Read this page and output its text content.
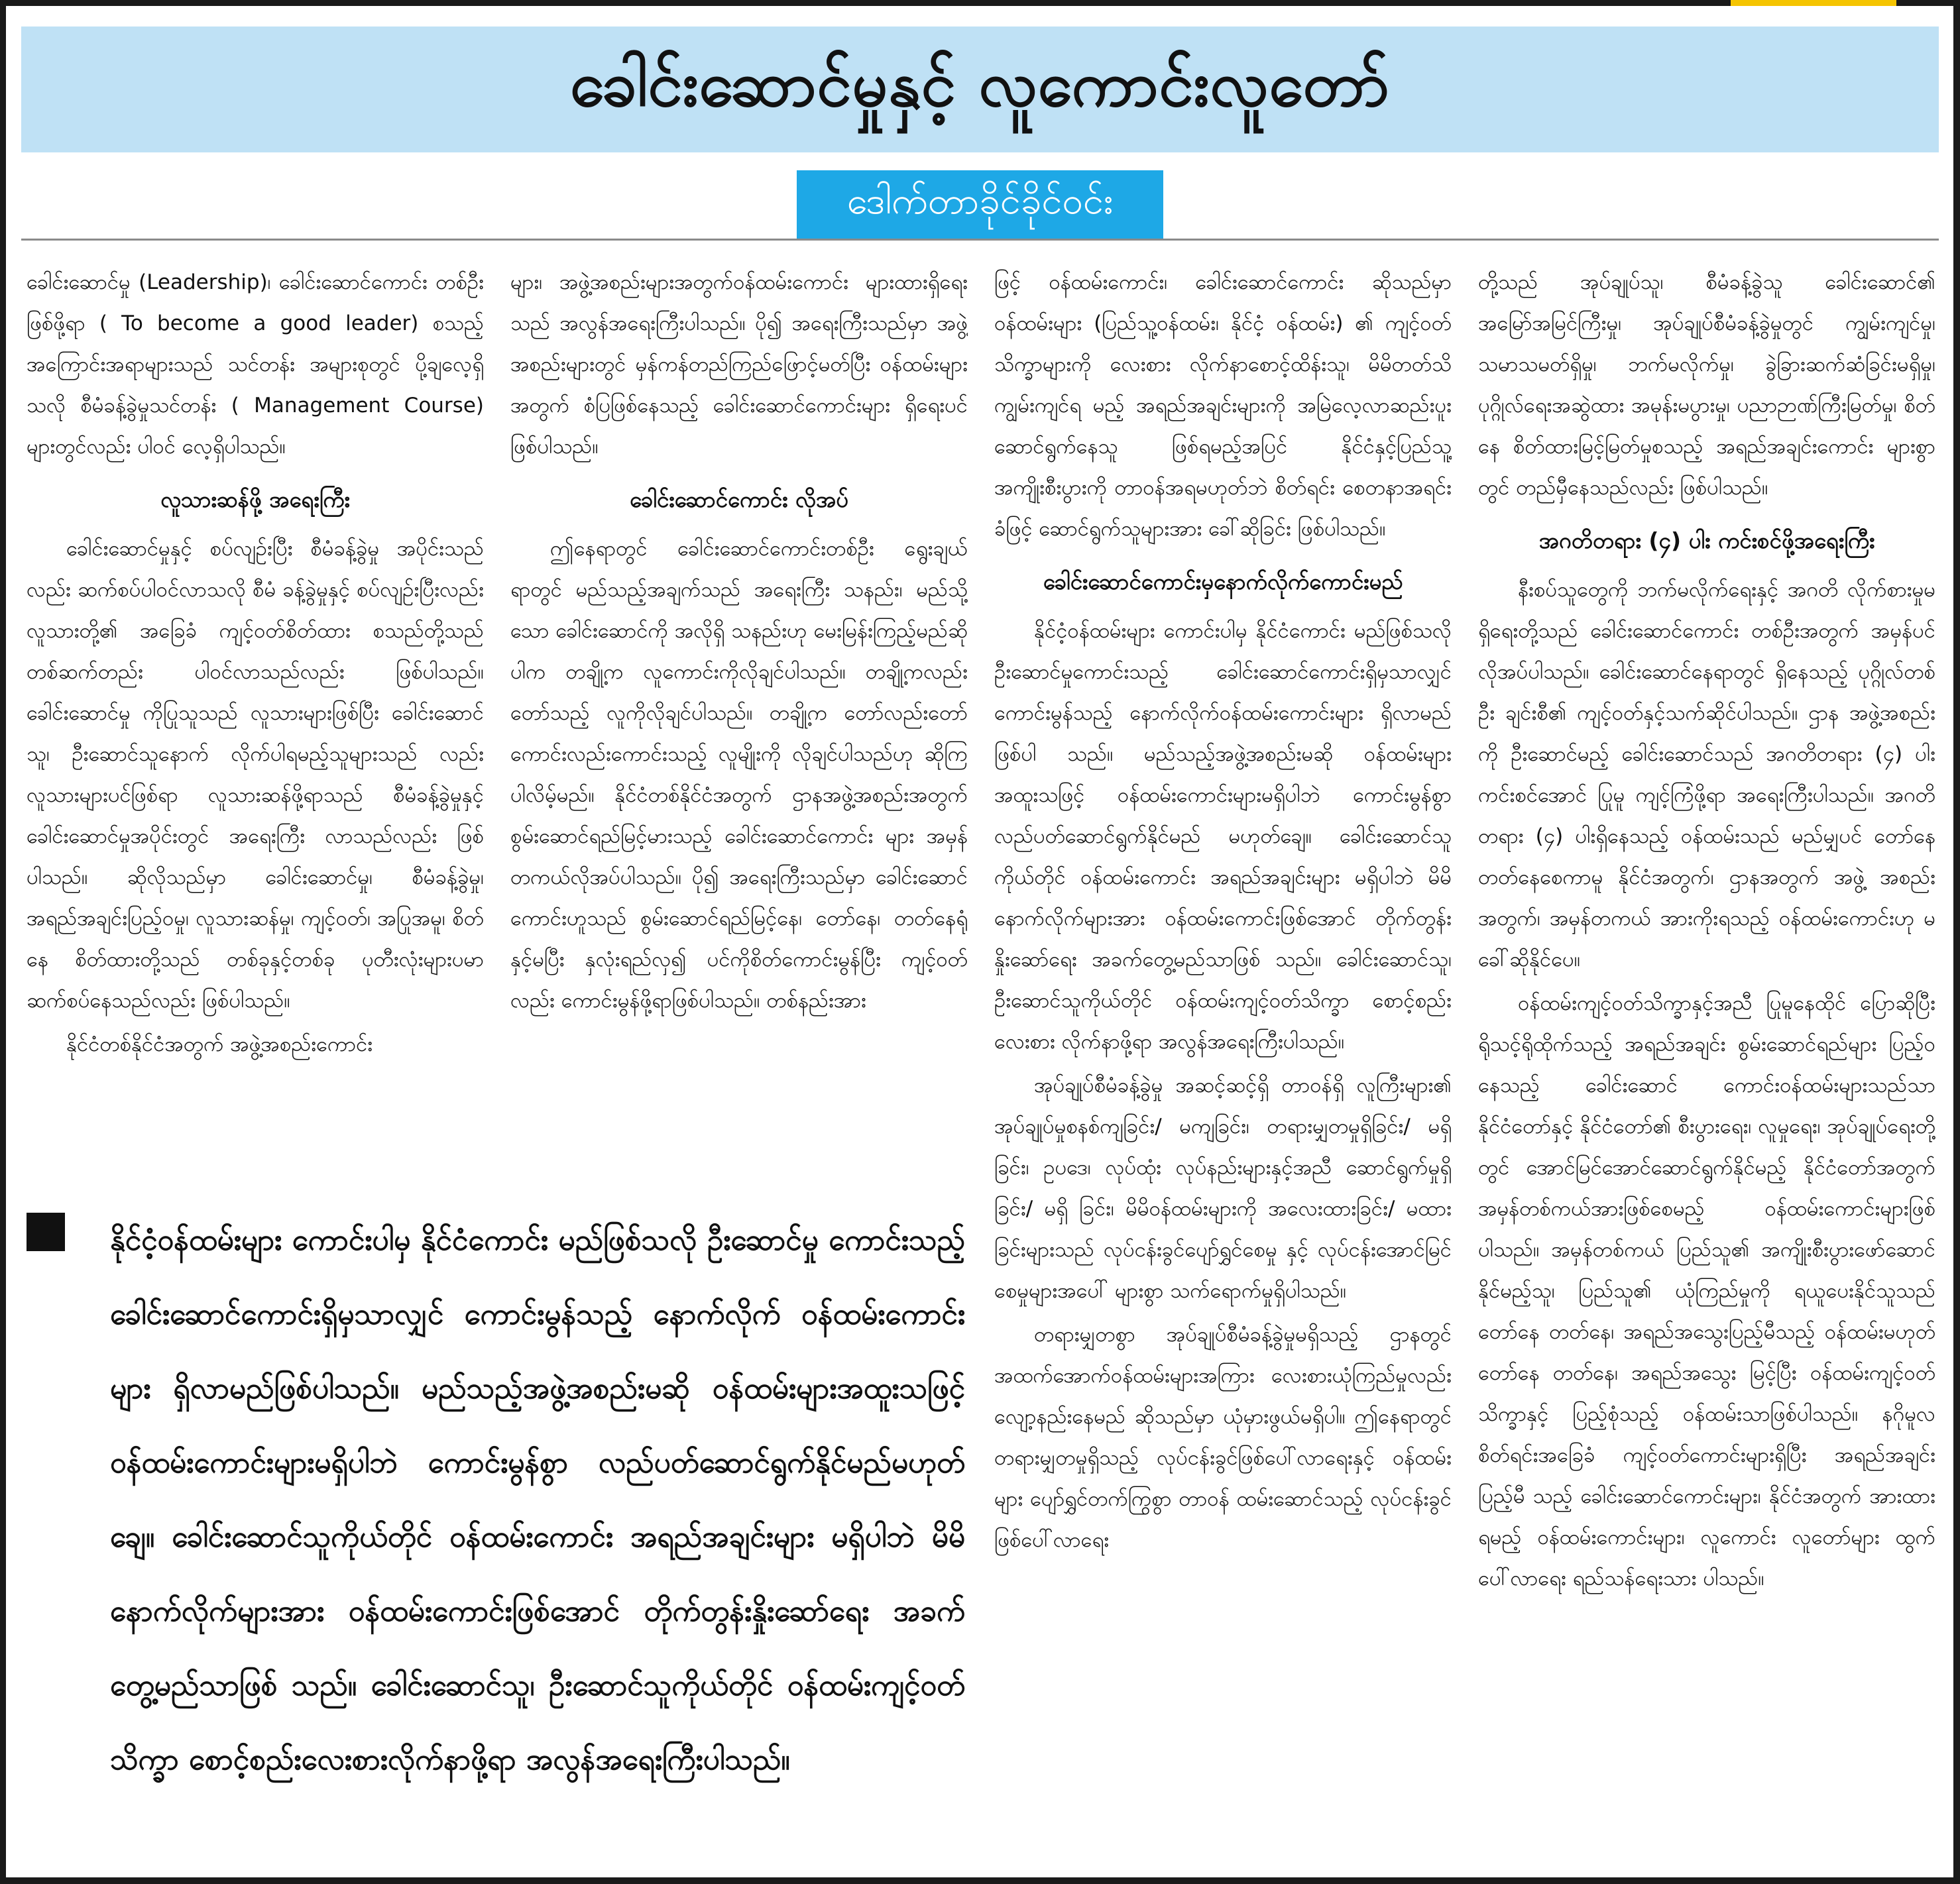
ခေါင်းဆောင်မှုနှင့် လူကောင်းလူတော်
ဒေါက်တာခိုင်ခိုင်ဝင်း

ခေါင်းဆောင်မှု (Leadership)၊ ခေါင်းဆောင်ကောင်း တစ်ဦးဖြစ်ဖို့ရာ ( To become a good leader) စသည့် အကြောင်းအရာများသည် သင်တန်း အများစုတွင် ပို့ချလေ့ရှိသလို စီမံခန့်ခွဲမှုသင်တန်း ( Management Course) များတွင်လည်း ပါဝင် လေ့ရှိပါသည်။

လူသားဆန်ဖို့ အရေးကြီး

ခေါင်းဆောင်မှုနှင့် စပ်လျဉ်းပြီး စီမံခန့်ခွဲမှု အပိုင်းသည်လည်း ဆက်စပ်ပါဝင်လာသလို စီမံ ခန့်ခွဲမှုနှင့် စပ်လျဉ်းပြီးလည်း လူသားတို့၏ အခြေခံ ကျင့်ဝတ်စိတ်ထား စသည်တို့သည် တစ်ဆက်တည်း ပါဝင်လာသည်လည်း ဖြစ်ပါသည်။ ခေါင်းဆောင်မှု ကိုပြုသူသည် လူသားများဖြစ်ပြီး ခေါင်းဆောင်သူ၊ ဦးဆောင်သူနောက် လိုက်ပါရမည့်သူများသည် လည်း လူသားများပင်ဖြစ်ရာ လူသားဆန်ဖို့ရာသည် စီမံခန့်ခွဲမှုနှင့် ခေါင်းဆောင်မှုအပိုင်းတွင် အရေးကြီး လာသည်လည်း ဖြစ်ပါသည်။ ဆိုလိုသည်မှာ ခေါင်းဆောင်မှု၊ စီမံခန့်ခွဲမှု၊ အရည်အချင်းပြည့်ဝမှု၊ လူသားဆန်မှု၊ ကျင့်ဝတ်၊ အပြုအမူ၊ စိတ်နေ စိတ်ထားတို့သည် တစ်ခုနှင့်တစ်ခု ပုတီးလုံးများပမာ ဆက်စပ်နေသည်လည်း ဖြစ်ပါသည်။

နိုင်ငံတစ်နိုင်ငံအတွက် အဖွဲ့အစည်းကောင်း

များ၊ အဖွဲ့အစည်းများအတွက်ဝန်ထမ်းကောင်း များထားရှိရေးသည် အလွန်အရေးကြီးပါသည်။ ပို၍ အရေးကြီးသည်မှာ အဖွဲ့အစည်းများတွင် မှန်ကန်တည်ကြည်ဖြောင့်မတ်ပြီး ဝန်ထမ်းများ အတွက် စံပြဖြစ်နေသည့် ခေါင်းဆောင်ကောင်းများ ရှိရေးပင် ဖြစ်ပါသည်။

ခေါင်းဆောင်ကောင်း လိုအပ်

ဤနေရာတွင် ခေါင်းဆောင်ကောင်းတစ်ဦး ရွေးချယ်ရာတွင် မည်သည့်အချက်သည် အရေးကြီး သနည်း၊ မည်သို့သော ခေါင်းဆောင်ကို အလိုရှိ သနည်းဟု မေးမြန်းကြည့်မည်ဆိုပါက တချို့က လူကောင်းကိုလိုချင်ပါသည်။ တချို့ကလည်း တော်သည့် လူကိုလိုချင်ပါသည်။ တချို့က တော်လည်းတော် ကောင်းလည်းကောင်းသည့် လူမျိုးကို လိုချင်ပါသည်ဟု ဆိုကြပါလိမ့်မည်။ နိုင်ငံတစ်နိုင်ငံအတွက် ဌာနအဖွဲ့အစည်းအတွက် စွမ်းဆောင်ရည်မြင့်မားသည့် ခေါင်းဆောင်ကောင်း များ အမှန်တကယ်လိုအပ်ပါသည်။ ပို၍ အရေးကြီးသည်မှာ ခေါင်းဆောင်ကောင်းဟူသည် စွမ်းဆောင်ရည်မြင့်နေ၊ တော်နေ၊ တတ်နေရုံနှင့်မပြီး နှလုံးရည်လှ၍ ပင်ကိုစိတ်ကောင်းမွန်ပြီး ကျင့်ဝတ် လည်း ကောင်းမွန်ဖို့ရာဖြစ်ပါသည်။ တစ်နည်းအား

ဖြင့် ဝန်ထမ်းကောင်း၊ ခေါင်းဆောင်ကောင်း ဆိုသည်မှာ ဝန်ထမ်းများ (ပြည်သူ့ဝန်ထမ်း၊ နိုင်ငံ့ ဝန်ထမ်း) ၏ ကျင့်ဝတ်သိက္ခာများကို လေးစား လိုက်နာစောင့်ထိန်းသူ၊ မိမိတတ်သိ ကျွမ်းကျင်ရ မည့် အရည်အချင်းများကို အမြဲလေ့လာဆည်းပူး ဆောင်ရွက်နေသူ ဖြစ်ရမည့်အပြင် နိုင်ငံနှင့်ပြည်သူ့ အကျိုးစီးပွားကို တာဝန်အရမဟုတ်ဘဲ စိတ်ရင်း စေတနာအရင်းခံဖြင့် ဆောင်ရွက်သူများအား ခေါ်ဆိုခြင်း ဖြစ်ပါသည်။

ခေါင်းဆောင်ကောင်းမှနောက်လိုက်ကောင်းမည်

နိုင်ငံ့ဝန်ထမ်းများ ကောင်းပါမှ နိုင်ငံကောင်း မည်ဖြစ်သလို ဦးဆောင်မှုကောင်းသည့် ခေါင်းဆောင်ကောင်းရှိမှသာလျှင် ကောင်းမွန်သည့် နောက်လိုက်ဝန်ထမ်းကောင်းများ ရှိလာမည်ဖြစ်ပါ သည်။ မည်သည့်အဖွဲ့အစည်းမဆို ဝန်ထမ်းများ အထူးသဖြင့် ဝန်ထမ်းကောင်းများမရှိပါဘဲ ကောင်းမွန်စွာ လည်ပတ်ဆောင်ရွက်နိုင်မည် မဟုတ်ချေ။ ခေါင်းဆောင်သူ ကိုယ်တိုင် ဝန်ထမ်းကောင်း အရည်အချင်းများ မရှိပါဘဲ မိမိ နောက်လိုက်များအား ဝန်ထမ်းကောင်းဖြစ်အောင် တိုက်တွန်းနှိုးဆော်ရေး အခက်တွေ့မည်သာဖြစ် သည်။ ခေါင်းဆောင်သူ၊ ဦးဆောင်သူကိုယ်တိုင် ဝန်ထမ်းကျင့်ဝတ်သိက္ခာ စောင့်စည်းလေးစား လိုက်နာဖို့ရာ အလွန်အရေးကြီးပါသည်။

အုပ်ချုပ်စီမံခန့်ခွဲမှု အဆင့်ဆင့်ရှိ တာဝန်ရှိ လူကြီးများ၏ အုပ်ချုပ်မှုစနစ်ကျခြင်း/ မကျခြင်း၊ တရားမျှတမှုရှိခြင်း/ မရှိခြင်း၊ ဥပဒေ၊ လုပ်ထုံး လုပ်နည်းများနှင့်အညီ ဆောင်ရွက်မှုရှိခြင်း/ မရှိ ခြင်း၊ မိမိဝန်ထမ်းများကို အလေးထားခြင်း/ မထားခြင်းများသည် လုပ်ငန်းခွင်ပျော်ရွှင်စေမှု နှင့် လုပ်ငန်းအောင်မြင်စေမှုများအပေါ် များစွာ သက်ရောက်မှုရှိပါသည်။

တရားမျှတစွာ အုပ်ချုပ်စီမံခန့်ခွဲမှုမရှိသည့် ဌာနတွင် အထက်အောက်ဝန်ထမ်းများအကြား လေးစားယုံကြည်မှုလည်း လျော့နည်းနေမည် ဆိုသည်မှာ ယုံမှားဖွယ်မရှိပါ။ ဤနေရာတွင် တရားမျှတမှုရှိသည့် လုပ်ငန်းခွင်ဖြစ်ပေါ်လာရေးနှင့် ဝန်ထမ်းများ ပျော်ရွှင်တက်ကြွစွာ တာဝန် ထမ်းဆောင်သည့် လုပ်ငန်းခွင် ဖြစ်ပေါ်လာရေး

တို့သည် အုပ်ချုပ်သူ၊ စီမံခန့်ခွဲသူ ခေါင်းဆောင်၏ အမြော်အမြင်ကြီးမှု၊ အုပ်ချုပ်စီမံခန့်ခွဲမှုတွင် ကျွမ်းကျင်မှု၊ သမာသမတ်ရှိမှု၊ ဘက်မလိုက်မှု၊ ခွဲခြားဆက်ဆံခြင်းမရှိမှု၊ ပုဂ္ဂိုလ်ရေးအဆွဲထား အမုန်းမပွားမှု၊ ပညာဉာဏ်ကြီးမြတ်မှု၊ စိတ်နေ စိတ်ထားမြင့်မြတ်မှုစသည့် အရည်အချင်းကောင်း များစွာတွင် တည်မှီနေသည်လည်း ဖြစ်ပါသည်။

အဂတိတရား (၄) ပါး ကင်းစင်ဖို့အရေးကြီး

နီးစပ်သူတွေကို ဘက်မလိုက်ရေးနှင့် အဂတိ လိုက်စားမှုမရှိရေးတို့သည် ခေါင်းဆောင်ကောင်း တစ်ဦးအတွက် အမှန်ပင်လိုအပ်ပါသည်။ ခေါင်းဆောင်နေရာတွင် ရှိနေသည့် ပုဂ္ဂိုလ်တစ်ဦး ချင်းစီ၏ ကျင့်ဝတ်နှင့်သက်ဆိုင်ပါသည်။ ဌာန အဖွဲ့အစည်းကို ဦးဆောင်မည့် ခေါင်းဆောင်သည် အဂတိတရား (၄) ပါး ကင်းစင်အောင် ပြုမူ ကျင့်ကြံဖို့ရာ အရေးကြီးပါသည်။ အဂတိတရား (၄) ပါးရှိနေသည့် ဝန်ထမ်းသည် မည်မျှပင် တော်နေ တတ်နေစေကာမူ နိုင်ငံအတွက်၊ ဌာနအတွက် အဖွဲ့ အစည်းအတွက်၊ အမှန်တကယ် အားကိုးရသည့် ဝန်ထမ်းကောင်းဟု မခေါ်ဆိုနိုင်ပေ။

ဝန်ထမ်းကျင့်ဝတ်သိက္ခာနှင့်အညီ ပြုမူနေထိုင် ပြောဆိုပြီး ရိုသင့်ရိုထိုက်သည့် အရည်အချင်း စွမ်းဆောင်ရည်များ ပြည့်ဝနေသည့် ခေါင်းဆောင် ကောင်းဝန်ထမ်းများသည်သာ နိုင်ငံတော်နှင့် နိုင်ငံတော်၏ စီးပွားရေး၊ လူမှုရေး၊ အုပ်ချုပ်ရေးတို့ တွင် အောင်မြင်အောင်ဆောင်ရွက်နိုင်မည့် နိုင်ငံတော်အတွက် အမှန်တစ်ကယ်အားဖြစ်စေမည့် ဝန်ထမ်းကောင်းများဖြစ်ပါသည်။ အမှန်တစ်ကယ် ပြည်သူ၏ အကျိုးစီးပွားဖော်ဆောင်နိုင်မည့်သူ၊ ပြည်သူ၏ ယုံကြည်မှုကို ရယူပေးနိုင်သူသည် တော်နေ တတ်နေ၊ အရည်အသွေးပြည့်မီသည့် ဝန်ထမ်းမဟုတ် တော်နေ တတ်နေ၊ အရည်အသွေး မြင့်ပြီး ဝန်ထမ်းကျင့်ဝတ် သိက္ခာနှင့် ပြည့်စုံသည့် ဝန်ထမ်းသာဖြစ်ပါသည်။ နဂိုမူလ စိတ်ရင်းအခြေခံ ကျင့်ဝတ်ကောင်းများရှိပြီး အရည်အချင်းပြည့်မီ သည့် ခေါင်းဆောင်ကောင်းများ၊ နိုင်ငံအတွက် အားထားရမည့် ဝန်ထမ်းကောင်းများ၊ လူကောင်း လူတော်များ ထွက်ပေါ်လာရေး ရည်သန်ရေးသား ပါသည်။

နိုင်ငံ့ဝန်ထမ်းများ ကောင်းပါမှ နိုင်ငံကောင်း မည်ဖြစ်သလို ဦးဆောင်မှု ကောင်းသည့် ခေါင်းဆောင်ကောင်းရှိမှသာလျှင် ကောင်းမွန်သည့် နောက်လိုက် ဝန်ထမ်းကောင်းများ ရှိလာမည်ဖြစ်ပါသည်။ မည်သည့်အဖွဲ့အစည်းမဆို ဝန်ထမ်းများအထူးသဖြင့် ဝန်ထမ်းကောင်းများမရှိပါဘဲ ကောင်းမွန်စွာ လည်ပတ်ဆောင်ရွက်နိုင်မည်မဟုတ်ချေ။ ခေါင်းဆောင်သူကိုယ်တိုင် ဝန်ထမ်းကောင်း အရည်အချင်းများ မရှိပါဘဲ မိမိနောက်လိုက်များအား ဝန်ထမ်းကောင်းဖြစ်အောင် တိုက်တွန်းနှိုးဆော်ရေး အခက်တွေ့မည်သာဖြစ် သည်။ ခေါင်းဆောင်သူ၊ ဦးဆောင်သူကိုယ်တိုင် ဝန်ထမ်းကျင့်ဝတ်သိက္ခာ စောင့်စည်းလေးစားလိုက်နာဖို့ရာ အလွန်အရေးကြီးပါသည်။
